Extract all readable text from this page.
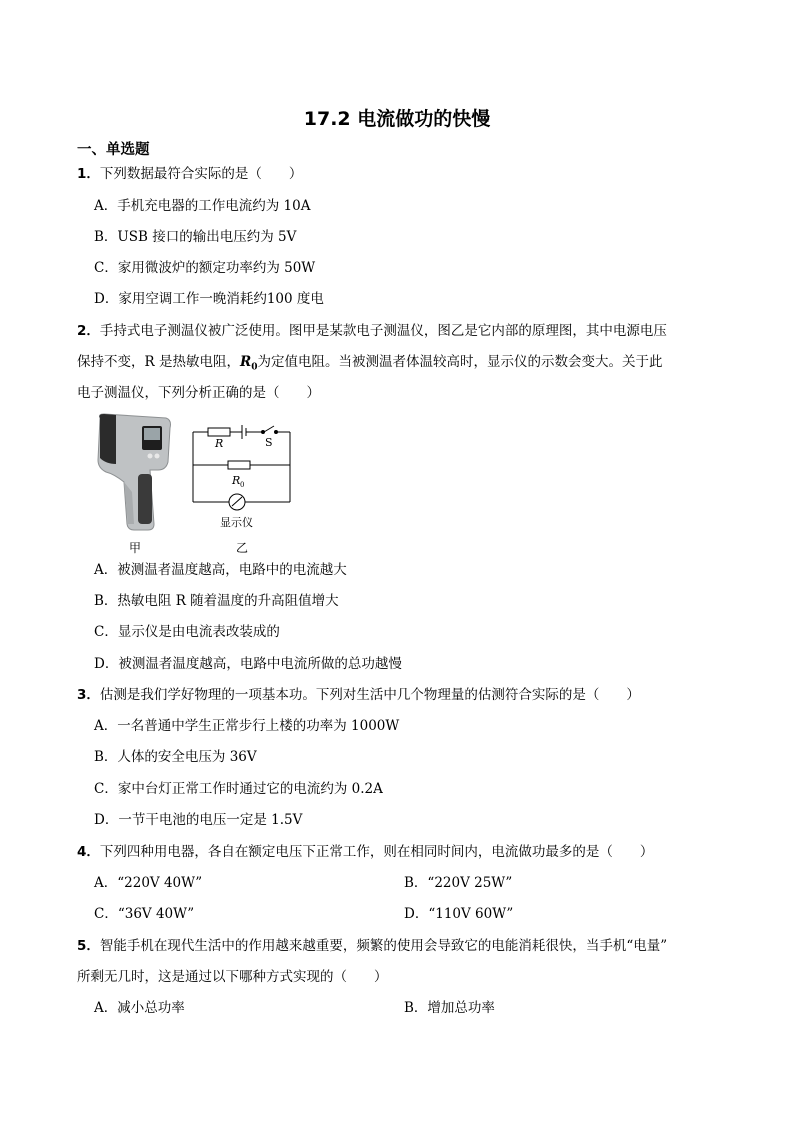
17.2 电流做功的快慢
一、单选题
1．下列数据最符合实际的是（　　）
A．手机充电器的工作电流约为 10A
B．USB 接口的输出电压约为 5V
C．家用微波炉的额定功率约为 50W
D．家用空调工作一晚消耗约100 度电
2．手持式电子测温仪被广泛使用。图甲是某款电子测温仪，图乙是它内部的原理图，其中电源电压
保持不变，R 是热敏电阻，$R_0$为定值电阻。当被测温者体温较高时，显示仪的示数会变大。关于此
电子测温仪，下列分析正确的是（　　）
R	S
R 0
显示仪
甲	乙
A．被测温者温度越高，电路中的电流越大
B．热敏电阻 R 随着温度的升高阻值增大
C．显示仪是由电流表改装成的
D．被测温者温度越高，电路中电流所做的总功越慢
3．估测是我们学好物理的一项基本功。下列对生活中几个物理量的估测符合实际的是（　　）
A．一名普通中学生正常步行上楼的功率为 1000W
B．人体的安全电压为 36V
C．家中台灯正常工作时通过它的电流约为 0.2A
D．一节干电池的电压一定是 1.5V
4．下列四种用电器，各自在额定电压下正常工作，则在相同时间内，电流做功最多的是（　　）
A．“220V 40W”	B．“220V 25W”
C．“36V 40W”	D．“110V 60W”
5．智能手机在现代生活中的作用越来越重要，频繁的使用会导致它的电能消耗很快，当手机“电量”
所剩无几时，这是通过以下哪种方式实现的（　　）
A．减小总功率	B．增加总功率
